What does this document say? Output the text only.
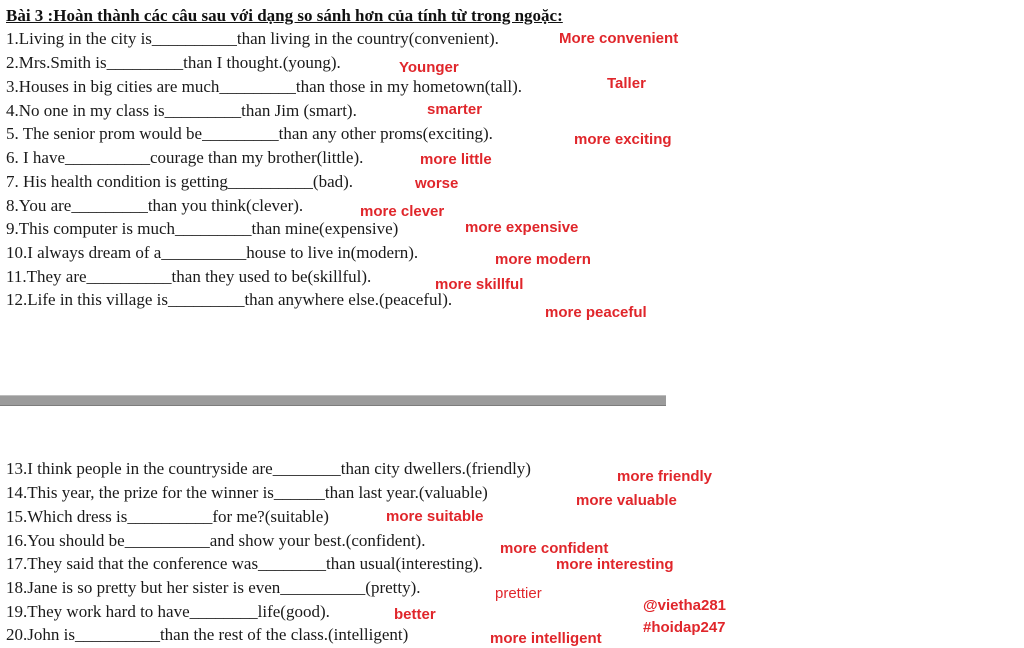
Bài 3 :Hoàn thành các câu sau với dạng so sánh hơn của tính từ trong ngoặc:
1.Living in the city is__________than living in the country(convenient).	More convenient
2.Mrs.Smith is_________than I thought.(young).	Younger
3.Houses in big cities are much_________than those in my hometown(tall).	Taller
4.No one in my class is_________than Jim (smart).	smarter
5. The senior prom would be_________than any other proms(exciting).	more exciting
6. I have__________courage than my brother(little).	more little
7. His health condition is getting__________(bad).	worse
8.You are_________than you think(clever).	more clever
9.This computer is much_________than mine(expensive)	more expensive
10.I always dream of a__________house to live in(modern).	more modern
11.They are__________than they used to be(skillful).	more skillful
12.Life in this village is_________than anywhere else.(peaceful).
more peaceful
13.I think people in the countryside are________than city dwellers.(friendly)	more friendly
14.This year, the prize for the winner is______than last year.(valuable)	more valuable
15.Which dress is__________for me?(suitable)	more suitable
16.You should be__________and show your best.(confident).	more confident
17.They said that the conference was________than usual(interesting).	more interesting
18.Jane is so pretty but her sister is even__________(pretty).	prettier
19.They work hard to have________life(good).	better
20.John is__________than the rest of the class.(intelligent)	more intelligent
@vietha281
#hoidap247
